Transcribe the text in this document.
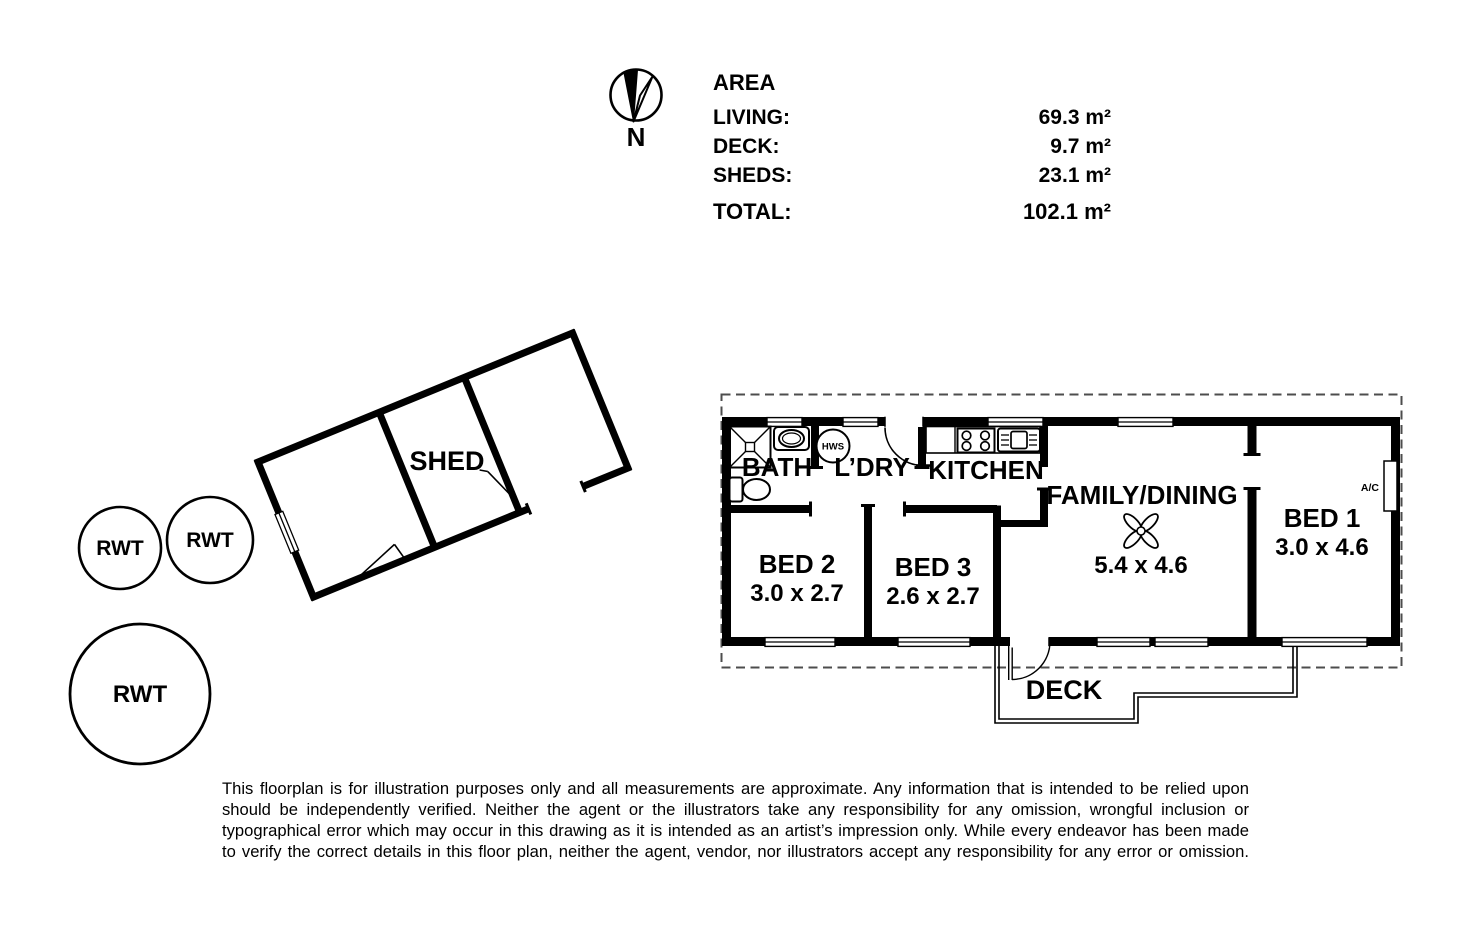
AREA
LIVING:	69.3 m²
DECK:	9.7 m²
SHEDS:	23.1 m²
TOTAL:	102.1 m²
N
HWS
A/C
SHED
RWT RWT
RWT
BATH L’DRY KITCHEN
FAMILY/DINING
5.4 x 4.6
BED 1
3.0 x 4.6
BED 2
3.0 x 2.7
BED 3
2.6 x 2.7
DECK
This floorplan is for illustration purposes only and all measurements are approximate. Any information that is intended to be relied upon
should be independently verified. Neither the agent or the illustrators take any responsibility for any omission, wrongful inclusion or
typographical error which may occur in this drawing as it is intended as an artist’s impression only. While every endeavor has been made
to verify the correct details in this floor plan, neither the agent, vendor, nor illustrators accept any responsibility for any error or omission.
